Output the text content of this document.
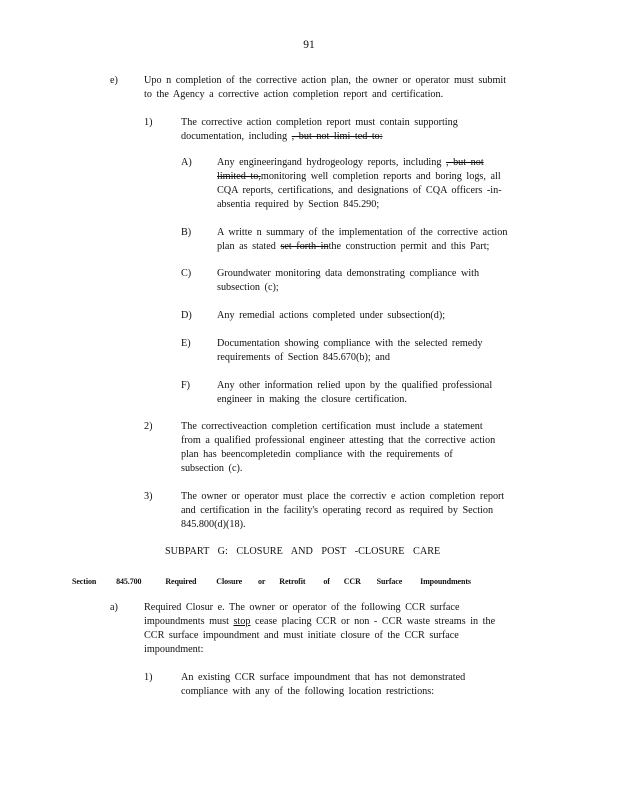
91
e)	Upo n completion of the corrective action plan, the owner or operator must submit
to the Agency a corrective action completion report and certification.
1)	The corrective action completion report must contain supporting
documentation, including , but not limi ted to:
A) Any engineeringand hydrogeology reports, including , but not
limited to,monitoring well completion reports and boring logs, all
CQA reports, certifications, and designations of CQA officers -in-
absentia required by Section 845.290;
B)	A writte n summary of the implementation of the corrective action
plan as stated set forth inthe construction permit and this Part;
C)	Groundwater monitoring data demonstrating compliance with
subsection (c);
D) Any remedial actions completed under subsection(d);
E)	Documentation showing compliance with the selected remedy
requirements of Section 845.670(b); and
F)	Any other information relied upon by the qualified professional
engineer in making the closure certification.
2)	The correctiveaction completion certification must include a statement
from a qualified professional engineer attesting that the corrective action
plan has beencompletedin compliance with the requirements of
subsection (c).
3)	The owner or operator must place the correctiv e action completion report
and certification in the facility's operating record as required by Section
845.800(d)(18).
SUBPART G: CLOSURE AND POST -CLOSURE CARE
Section 845.700	Required Closure or Retrofit of CCR Surface Impoundments
a)	Required Closur e. The owner or operator of the following CCR surface
impoundments must stop cease placing CCR or non - CCR waste streams in the
CCR surface impoundment and must initiate closure of the CCR surface
impoundment:
1)	An existing CCR surface impoundment that has not demonstrated
compliance with any of the following location restrictions:
